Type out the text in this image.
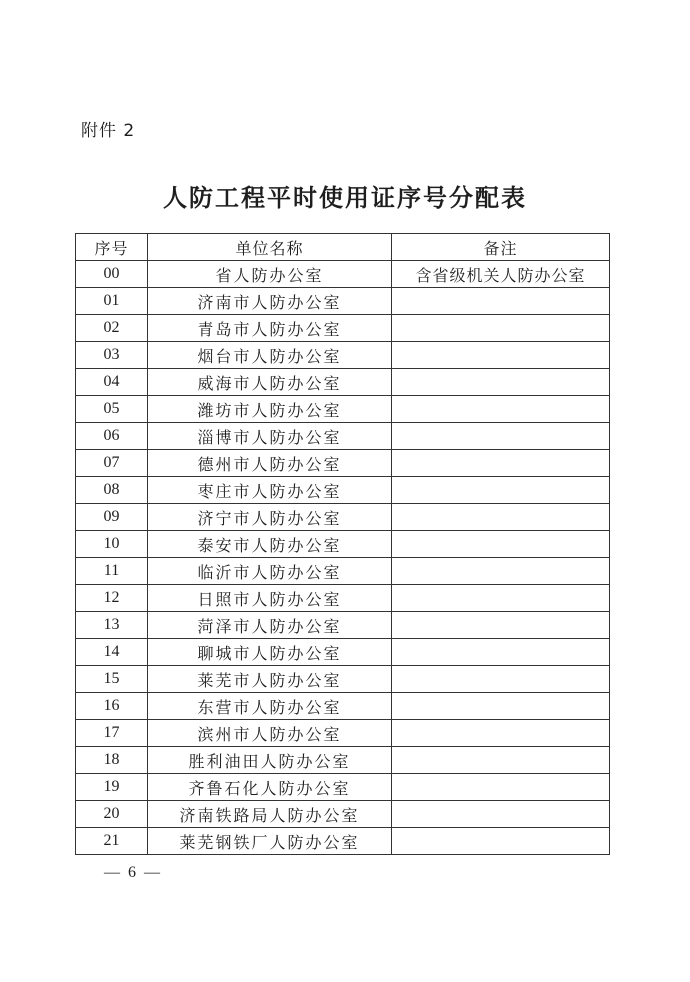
附件 2
人防工程平时使用证序号分配表
序号	单位名称	备注
00	省人防办公室	含省级机关人防办公室
01	济南市人防办公室	
02	青岛市人防办公室	
03	烟台市人防办公室	
04	威海市人防办公室	
05	潍坊市人防办公室	
06	淄博市人防办公室	
07	德州市人防办公室	
08	枣庄市人防办公室	
09	济宁市人防办公室	
10	泰安市人防办公室	
11	临沂市人防办公室	
12	日照市人防办公室	
13	菏泽市人防办公室	
14	聊城市人防办公室	
15	莱芜市人防办公室	
16	东营市人防办公室	
17	滨州市人防办公室	
18	胜利油田人防办公室	
19	齐鲁石化人防办公室	
20	济南铁路局人防办公室	
21	莱芜钢铁厂人防办公室	
— 6 —
